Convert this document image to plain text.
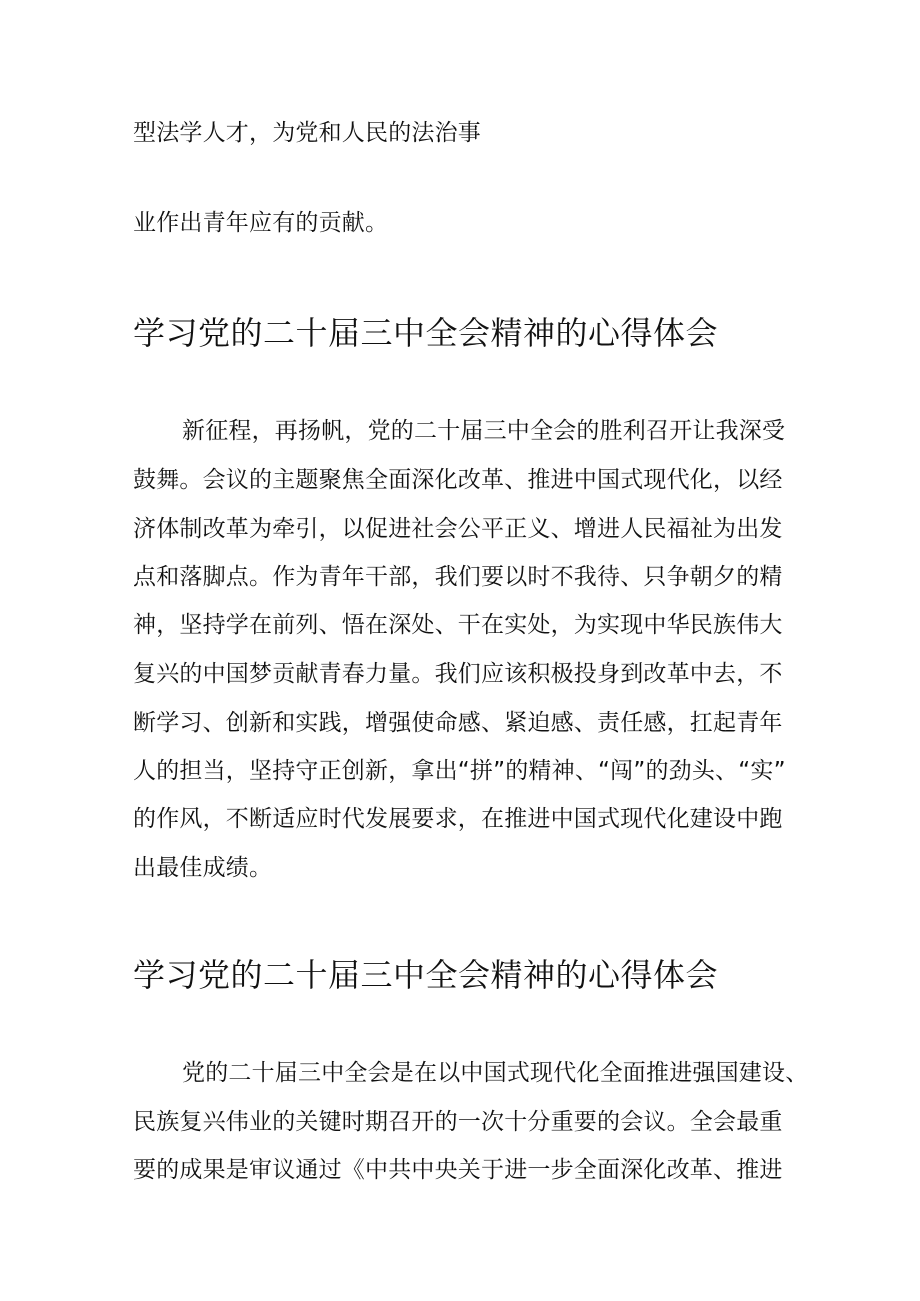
型法学人才，为党和人民的法治事

业作出青年应有的贡献。

学习党的二十届三中全会精神的心得体会

新征程，再扬帆，党的二十届三中全会的胜利召开让我深受

鼓舞。会议的主题聚焦全面深化改革、推进中国式现代化，以经

济体制改革为牵引，以促进社会公平正义、增进人民福祉为出发

点和落脚点。作为青年干部，我们要以时不我待、只争朝夕的精

神，坚持学在前列、悟在深处、干在实处，为实现中华民族伟大

复兴的中国梦贡献青春力量。我们应该积极投身到改革中去，不

断学习、创新和实践，增强使命感、紧迫感、责任感，扛起青年

人的担当，坚持守正创新，拿出“拼”的精神、“闯”的劲头、“实”

的作风，不断适应时代发展要求，在推进中国式现代化建设中跑

出最佳成绩。

学习党的二十届三中全会精神的心得体会

党的二十届三中全会是在以中国式现代化全面推进强国建设、

民族复兴伟业的关键时期召开的一次十分重要的会议。全会最重

要的成果是审议通过《中共中央关于进一步全面深化改革、推进
